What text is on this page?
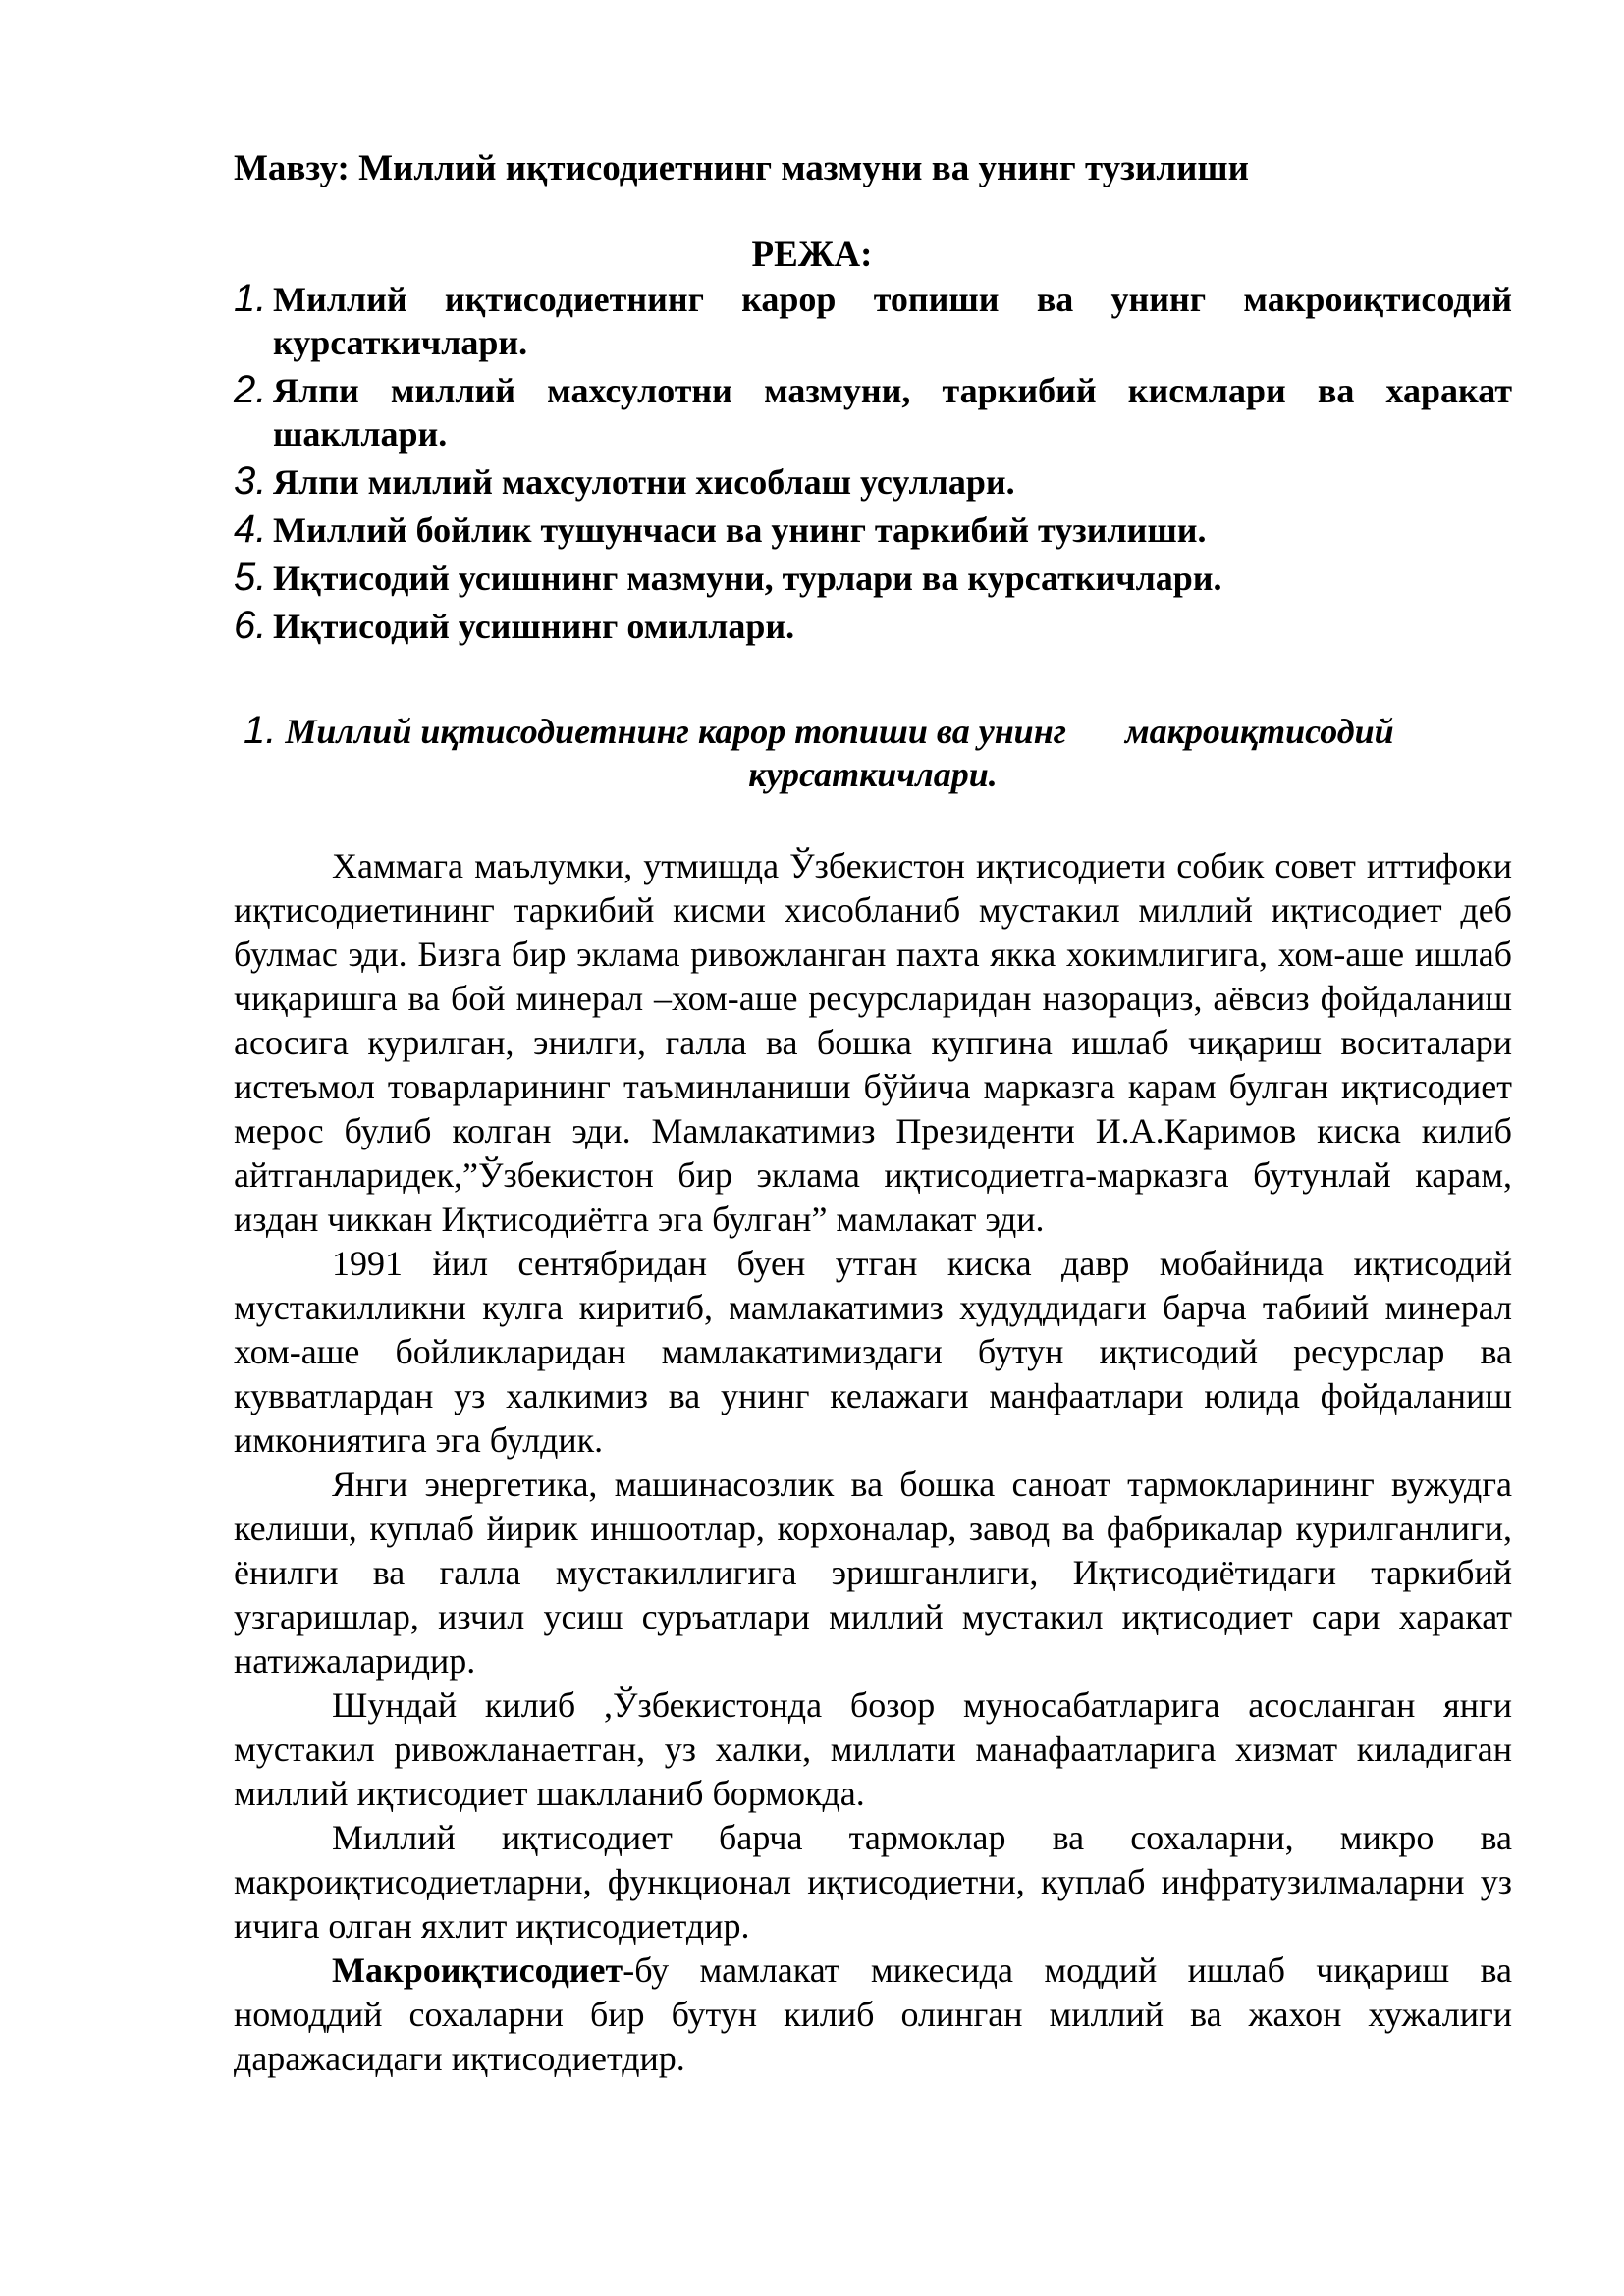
Мавзу: Миллий иқтисодиетнинг мазмуни ва унинг тузилиши
РЕЖА:
1. Миллий иқтисодиетнинг карор топиши ва унинг макроиқтисодий курсаткичлари.
2. Ялпи миллий махсулотни мазмуни, таркибий кисмлари ва харакат шакллари.
3. Ялпи миллий махсулотни хисоблаш усуллари.
4. Миллий бойлик тушунчаси ва унинг таркибий тузилиши.
5. Иқтисодий усишнинг мазмуни, турлари ва курсаткичлари.
6. Иқтисодий усишнинг омиллари.
1. Миллий иқтисодиетнинг карор топиши ва унинг макроиқтисодий
курсаткичлари.

Хаммага маълумки, утмишда Ўзбекистон иқтисодиети собик совет иттифоки иқтисодиетининг таркибий кисми хисобланиб мустакил миллий иқтисодиет деб булмас эди. Бизга бир эклама ривожланган пахта якка хокимлигига, хом-аше ишлаб чиқаришга ва бой минерал –хом-аше ресурсларидан назорациз, аёвсиз фойдаланиш асосига курилган, энилги, галла ва бошка купгина ишлаб чиқариш воситалари истеъмол товарларининг таъминланиши бўйича марказга карам булган иқтисодиет мерос булиб колган эди. Мамлакатимиз Президенти И.А.Каримов киска килиб айтганларидек,”Ўзбекистон бир эклама иқтисодиетга-марказга бутунлай карам, издан чиккан Иқтисодиётга эга булган” мамлакат эди.

1991 йил сентябридан буен утган киска давр мобайнида иқтисодий мустакилликни кулга киритиб, мамлакатимиз худуддидаги барча табиий минерал хом-аше бойликларидан мамлакатимиздаги бутун иқтисодий ресурслар ва кувватлардан уз халкимиз ва унинг келажаги манфаатлари юлида фойдаланиш имкониятига эга булдик.

Янги энергетика, машинасозлик ва бошка саноат тармокларининг вужудга келиши, куплаб йирик иншоотлар, корхоналар, завод ва фабрикалар курилганлиги, ёнилги ва галла мустакиллигига эришганлиги, Иқтисодиётидаги таркибий узгаришлар, изчил усиш суръатлари миллий мустакил иқтисодиет сари харакат натижаларидир.

Шундай килиб ,Ўзбекистонда бозор муносабатларига асосланган янги мустакил ривожланаетган, уз халки, миллати манафаатларига хизмат киладиган миллий иқтисодиет шаклланиб бормокда.

Миллий иқтисодиет барча тармоклар ва сохаларни, микро ва макроиқтисодиетларни, функционал иқтисодиетни, куплаб инфратузилмаларни уз ичига олган яхлит иқтисодиетдир.

Макроиқтисодиет-бу мамлакат микесида моддий ишлаб чиқариш ва номоддий сохаларни бир бутун килиб олинган миллий ва жахон хужалиги даражасидаги иқтисодиетдир.
